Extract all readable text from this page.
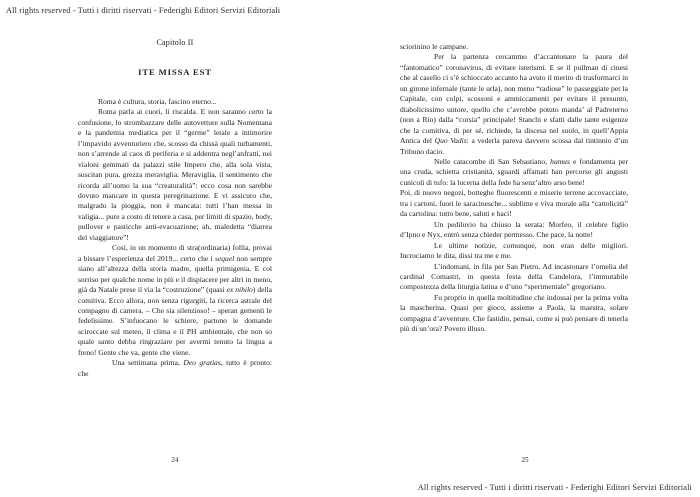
All rights reserved - Tutti i diritti riservati - Federighi Editori Servizi Editoriali

Capitolo II

ITE MISSA EST

Roma è cultura, storia, fascino eterno...

Roma parla ai cuori, li riscalda. E non saranno certo la confusione, lo strombazzare delle autovetture sulla Nomentana e la pandemia mediatica per il “germe” letale a intimorire l’impavido avventuriero che, scosso da chissà quali turbamenti, non s’arrende al caos di periferia e si addentra negl’anfratti, nei vialoni gemmati da palazzi stile Impero che, alla sola vista, suscitan pura, grezza meraviglia. Meraviglia, il sentimento che ricorda all’uomo la sua “creaturalità”: ecco cosa non sarebbe dovuto mancare in questa peregrinazione. E vi assicuro che, malgrado la pioggia, non è mancata: tutti l’han messa in valigia... pure a costo di tenere a casa, per limiti di spazio, body, pullover e pasticche anti-evacuazione; ah, maledetta “diarrea del viaggiatore”!

Così, in un momento di stra(ordinaria) follia, provai a bissare l’esperienza del 2019... certo che i sequel non sempre siano all’altezza della storia madre, quella primigenia. E col sorriso per qualche nome in più e il dispiacere per altri in meno, già da Natale prese il via la “costruzione” (quasi ex nihilo) della comitiva. Ecco allora, non senza rigurgiti, la ricerca astrale del compagno di camera. – Che sia silenzioso! – speran gementi le fedelissime. S’infuocano le schiere, partono le domande sciroccate sul meteo, il clima e il PH ambientale, che non so quale santo debba ringraziare per avermi tenuto la lingua a freno! Gente che va, gente che viene.

Una settimana prima, Deo gratias, tutto è pronto: che

24

sciorinino le campane.

Per la partenza cercammo d’accantonare la paura del “fantomatico” coronavirus, di evitare isterismi. E se il pullman di cinesi che al casello ci s’è schioccato accanto ha avuto il merito di trasformarci in un girone infernale (tante le urla), non meno “radiose” le passeggiate per la Capitale, con colpi, scossoni e ammiccamenti per evitare il presunto, diabolicissimo untore, quello che c’avrebbe potuto manda’ al Padreterno (non a Rio) dalla “corsia” principale! Stanchi e sfatti dalle tante esigenze che la comitiva, di per sé, richiede, la discesa nel suolo, in quell’Appia Antica del Quo Vadis: a vederla pareva davvero scossa dal tintinnio d’un Tribuno dacio.

Nelle catacombe di San Sebastiano, humus e fondamenta per una cruda, schietta cristianità, sguardi affamati han percorso gli angusti cunicoli di tufo: la lucerna della fede ha senz’altro arso bene!

Poi, di nuovo negozi, botteghe fluorescenti e miserie terrene accovacciate, tra i cartoni, fuori le saracinesche... sublime e viva morale alla “cattolicità” da cartolina: tutto bene, saluti e baci!

Un pediluvio ha chiuso la serata: Morfeo, il celebre figlio d’Ipno e Nyx, entrò senza chieder permesso. Che pace, la notte!

Le ultime notizie, comunque, non eran delle migliori. Incrociamo le dita, dissi tra me e me.

L’indomani, in fila per San Pietro. Ad incastonare l’omelia del cardinal Comastri, in questa festa della Candelora, l’immutabile compostezza della liturgia latina e d’uno “sperimentale” gregoriano.

Fu proprio in quella moltitudine che indossai per la prima volta la mascherina. Quasi per gioco, assieme a Paola, la maestra, solare compagna d’avventure. Che fastidio, pensai, come si può pensare di tenerla più di un’ora? Povero illuso.

25
All rights reserved - Tutti i diritti riservati - Federighi Editori Servizi Editoriali
